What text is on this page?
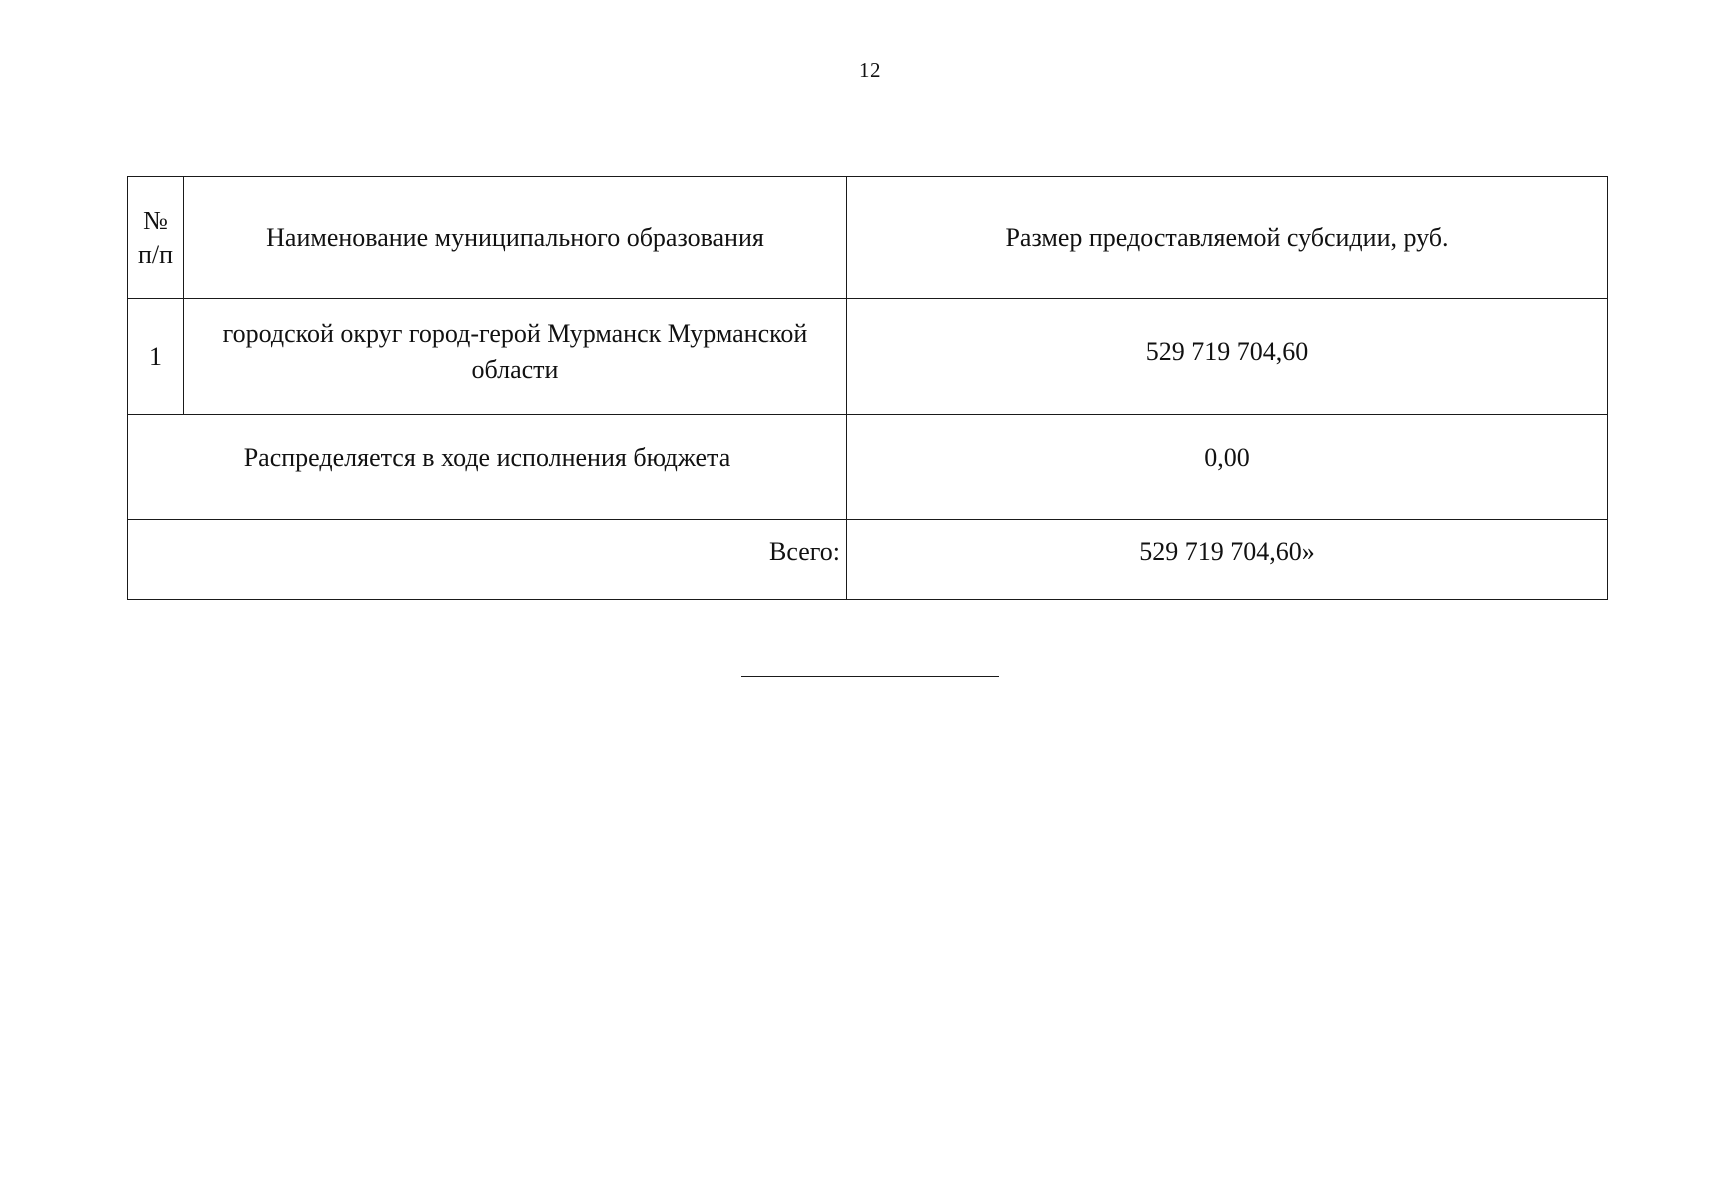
12
№ п/п	Наименование муниципального образования	Размер предоставляемой субсидии, руб.
1	городской округ город-герой Мурманск Мурманской области	529 719 704,60
Распределяется в ходе исполнения бюджета		0,00
Всего:		529 719 704,60»
